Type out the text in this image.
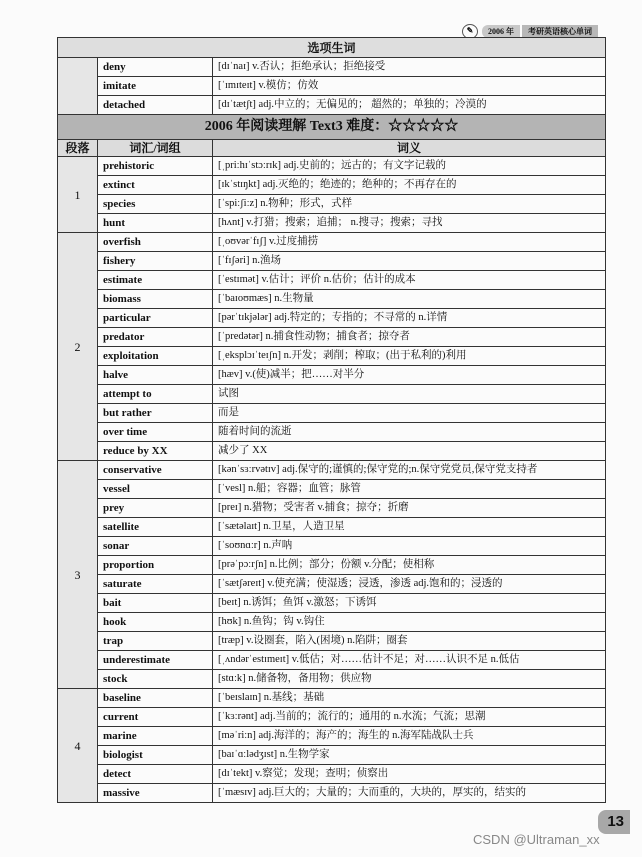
✎	2006 年	考研英语核心单词
选项生词		
	deny	[dɪˈnaɪ] v.否认；拒绝承认；拒绝接受
	imitate	[ˈɪmɪteɪt] v.模仿；仿效
	detached	[dɪˈtætʃt] adj.中立的；无偏见的； 超然的；单独的；冷漠的
2006 年阅读理解 Text3 难度：☆☆☆☆☆		
段落	词汇/词组	词义
1	prehistoric	[ˌpriːhɪˈstɔːrɪk] adj.史前的；远古的；有文字记载的
	extinct	[ɪkˈstɪŋkt] adj.灭绝的；绝迹的；绝种的；不再存在的
	species	[ˈspiːʃiːz] n.物种；形式，式样
	hunt	[hʌnt] v.打猎；搜索；追捕； n.搜寻；搜索；寻找
2	overfish	[ˌoʊvərˈfɪʃ] v.过度捕捞
	fishery	[ˈfɪʃəri] n.渔场
	estimate	[ˈestɪmət] v.估计；评价 n.估价；估计的成本
	biomass	[ˈbaɪoʊmæs] n.生物量
	particular	[pərˈtɪkjələr] adj.特定的；专指的；不寻常的 n.详情
	predator	[ˈpredətər] n.捕食性动物；捕食者；掠夺者
	exploitation	[ˌeksplɔɪˈteɪʃn] n.开发；剥削；榨取；(出于私利的)利用
	halve	[hæv] v.(使)减半；把……对半分
	attempt to	试图
	but rather	而是
	over time	随着时间的流逝
	reduce by XX	减少了 XX
3	conservative	[kənˈsɜːrvətɪv] adj.保守的;谨慎的;保守党的;n.保守党党员,保守党支持者
	vessel	[ˈvesl] n.船；容器；血管；脉管
	prey	[preɪ] n.猎物；受害者 v.捕食；掠夺；折磨
	satellite	[ˈsætəlaɪt] n.卫星，人造卫星
	sonar	[ˈsoʊnɑːr] n.声呐
	proportion	[prəˈpɔːrʃn] n.比例；部分；份额 v.分配；使相称
	saturate	[ˈsætʃəreɪt] v.使充满；使湿透；浸透，渗透 adj.饱和的；浸透的
	bait	[beɪt] n.诱饵；鱼饵 v.激怒；下诱饵
	hook	[hʊk] n.鱼钩；钩 v.钩住
	trap	[træp] v.设圈套，陷入(困境) n.陷阱；圈套
	underestimate	[ˌʌndərˈestɪmeɪt] v.低估；对……估计不足；对……认识不足 n.低估
	stock	[stɑːk] n.储备物，备用物；供应物
4	baseline	[ˈbeɪslaɪn] n.基线；基础
	current	[ˈkɜːrənt] adj.当前的；流行的；通用的 n.水流；气流；思潮
	marine	[məˈriːn] adj.海洋的；海产的；海生的 n.海军陆战队士兵
	biologist	[baɪˈɑːlədʒɪst] n.生物学家
	detect	[dɪˈtekt] v.察觉；发现；查明；侦察出
	massive	[ˈmæsɪv] adj.巨大的；大量的；大而重的，大块的，厚实的，结实的
13
CSDN @Ultraman_xx
